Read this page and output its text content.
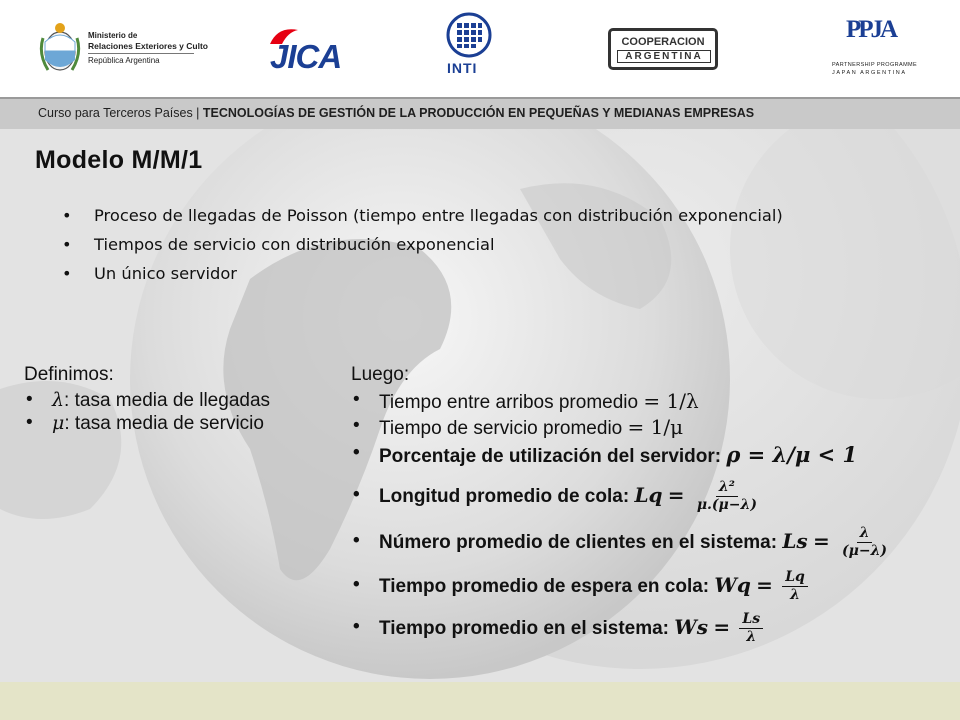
Ministerio de
Relaciones Exteriores y Culto
República Argentina	JICA	INTI
COOPERACION
ARGENTINA
PPJA
PARTNERSHIP PROGRAMME
JAPAN ARGENTINA
Curso para Terceros Países | TECNOLOGÍAS DE GESTIÓN DE LA PRODUCCIÓN EN PEQUEÑAS Y MEDIANAS EMPRESAS
Modelo M/M/1
• Proceso de llegadas de Poisson (tiempo entre llegadas con distribución exponencial)
• Tiempos de servicio con distribución exponencial
• Un único servidor
Definimos:
• λ: tasa media de llegadas
• μ: tasa media de servicio
Luego:
• Tiempo entre arribos promedio = 1/λ
• Tiempo de servicio promedio = 1/μ
• Porcentaje de utilización del servidor: ρ = λ/μ < 1
• Longitud promedio de cola: $Lq = \frac{\text{λ²}}{\mu.(\mu-\lambda)}$
• Número promedio de clientes en el sistema: $Ls = \frac{\lambda}{(\mu-\lambda)}$
• Tiempo promedio de espera en cola: $Wq = \frac{Lq}{\lambda}$
• Tiempo promedio en el sistema: $Ws = \frac{Ls}{\lambda}$
